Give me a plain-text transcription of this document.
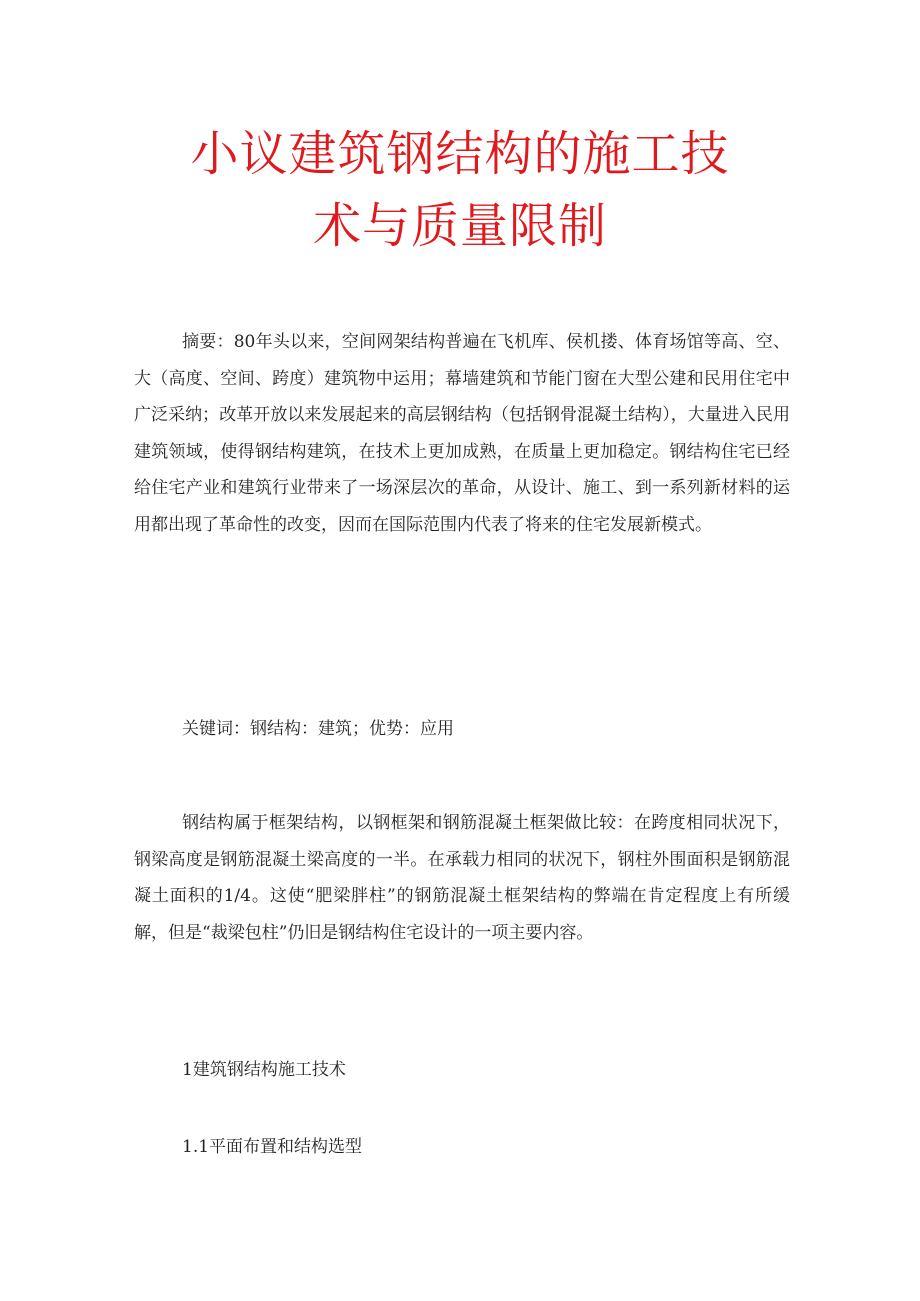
小议建筑钢结构的施工技
术与质量限制

摘要：80年头以来，空间网架结构普遍在飞机库、侯机搂、体育场馆等高、空、大（高度、空间、跨度）建筑物中运用；幕墙建筑和节能门窗在大型公建和民用住宅中广泛采纳；改革开放以来发展起来的高层钢结构（包括钢骨混凝土结构），大量进入民用建筑领域，使得钢结构建筑，在技术上更加成熟，在质量上更加稳定。钢结构住宅已经给住宅产业和建筑行业带来了一场深层次的革命，从设计、施工、到一系列新材料的运用都出现了革命性的改变，因而在国际范围内代表了将来的住宅发展新模式。

关键词：钢结构：建筑；优势：应用

钢结构属于框架结构，以钢框架和钢筋混凝土框架做比较：在跨度相同状况下，钢梁高度是钢筋混凝土梁高度的一半。在承载力相同的状况下，钢柱外围面积是钢筋混凝土面积的1/4。这使“肥梁胖柱”的钢筋混凝土框架结构的弊端在肯定程度上有所缓解，但是“裁梁包柱”仍旧是钢结构住宅设计的一项主要内容。

1建筑钢结构施工技术
1.1平面布置和结构选型
